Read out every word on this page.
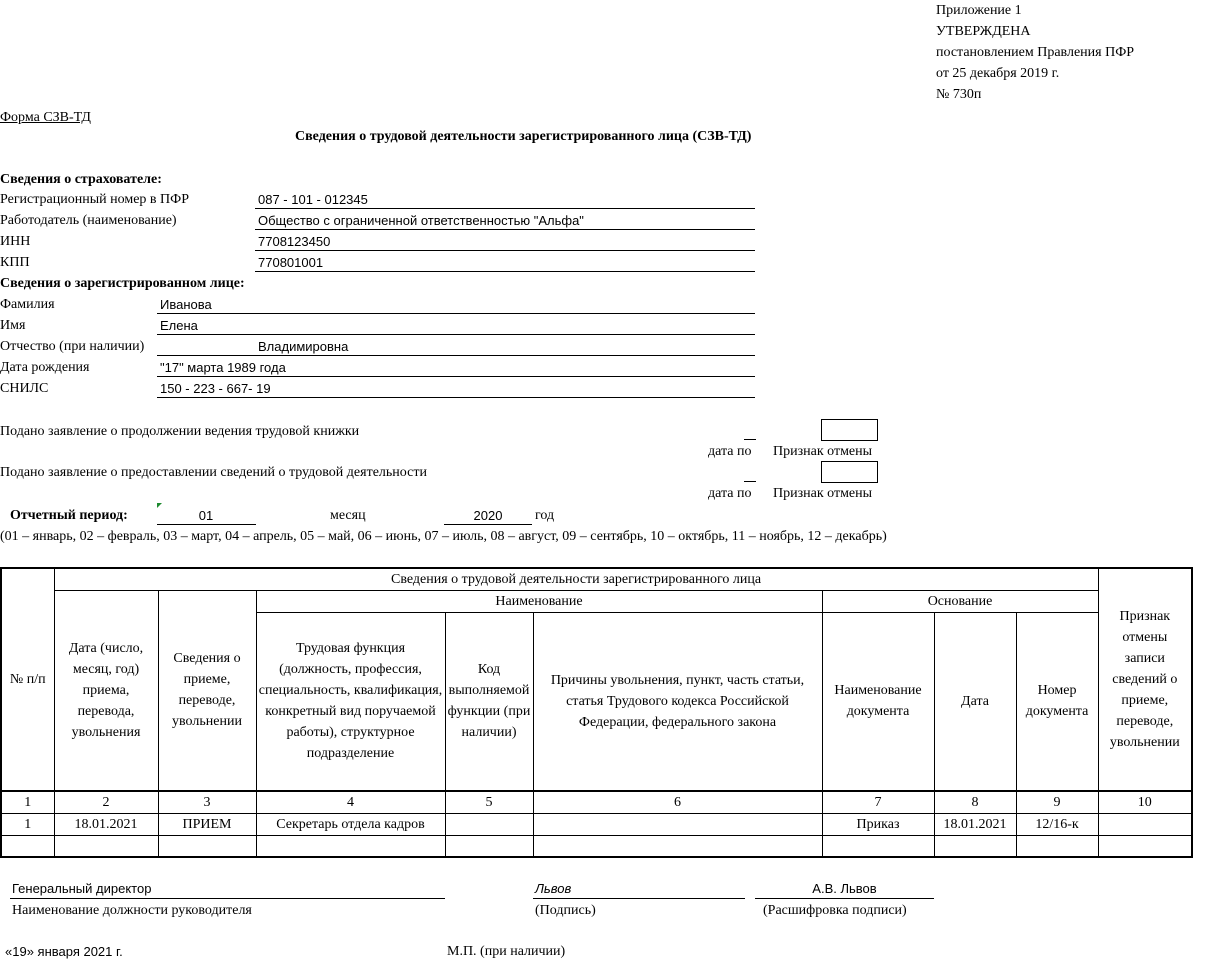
Приложение 1
УТВЕРЖДЕНА
постановлением Правления ПФР
от 25 декабря 2019 г.
№ 730п
Форма СЗВ-ТД
Сведения о трудовой деятельности зарегистрированного лица (СЗВ-ТД)
Сведения о страхователе:
Регистрационный номер в ПФР	087 - 101 - 012345
Работодатель (наименование)	Общество с ограниченной ответственностью "Альфа"
ИНН	7708123450
КПП	770801001
Сведения о зарегистрированном лице:
Фамилия	Иванова
Имя	Елена
Отчество (при наличии)	Владимировна
Дата рождения	"17" марта 1989 года
СНИЛС	150 - 223 - 667- 19
Подано заявление о продолжении ведения трудовой книжки
дата по	Признак отмены
Подано заявление о предоставлении сведений о трудовой деятельности
дата по	Признак отмены
Отчетный период:	01	месяц	2020	год
(01 – январь, 02 – февраль, 03 – март, 04 – апрель, 05 – май, 06 – июнь, 07 – июль, 08 – август, 09 – сентябрь, 10 – октябрь, 11 – ноябрь, 12 – декабрь)
№ п/п	Сведения о трудовой деятельности зарегистрированного лица								Признак отмены записи сведений о приеме, переводе, увольнении
	Дата (число, месяц, год) приема, перевода, увольнения	Сведения о приеме, переводе, увольнении	Наименование			Основание			
			Трудовая функция (должность, профессия, специальность, квалификация, конкретный вид поручаемой работы), структурное подразделение	Код выполняемой функции (при наличии)	Причины увольнения, пункт, часть статьи, статья Трудового кодекса Российской Федерации, федерального закона	Наименование документа	Дата	Номер документа	
1	2	3	4	5	6	7	8	9	10
1	18.01.2021	ПРИЕМ	Секретарь отдела кадров			Приказ	18.01.2021	12/16-к	

Генеральный директор
Наименование должности руководителя
Львов
(Подпись)
А.В. Львов
(Расшифровка подписи)
«19» января 2021 г.	М.П. (при наличии)
